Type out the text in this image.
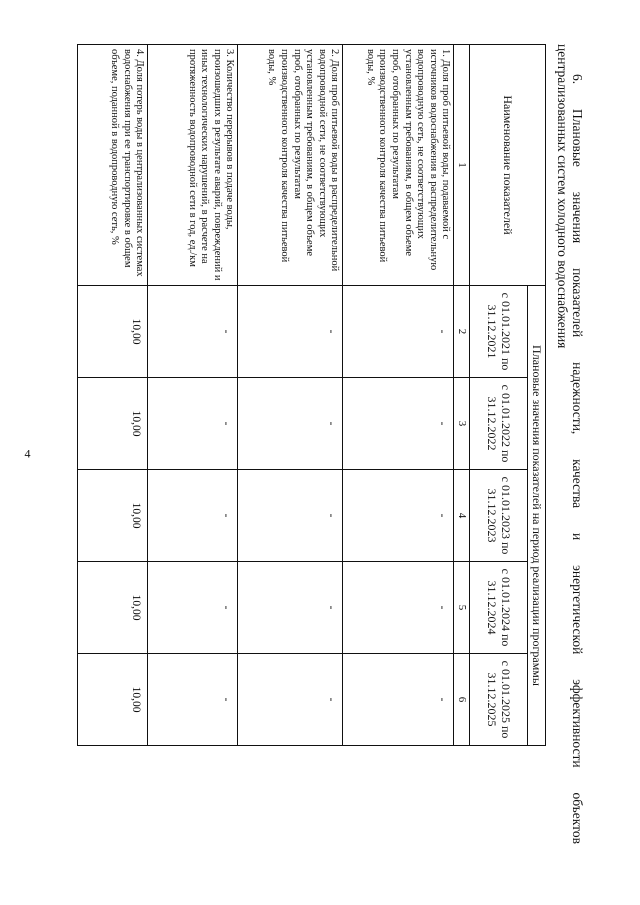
4	6. Плановые значения показателей надежности, качества и энергетической эффективности объектов
централизованных систем холодного водоснабжения
Наименование показателей	Плановые значения показателей на период реализации программы				
	с 01.01.2021 по 31.12.2021	с 01.01.2022 по 31.12.2022	с 01.01.2023 по 31.12.2023	с 01.01.2024 по 31.12.2024	с 01.01.2025 по 31.12.2025
1	2	3	4	5	6
1. Доля проб питьевой воды, подаваемой с источников водоснабжения в распределительную водопроводную сеть, не соответствующих установленным требованиям, в общем объеме проб, отобранных по результатам производственного контроля качества питьевой воды, %	-	-	-	-	-
2. Доля проб питьевой воды в распределительной водопроводной сети, не соответствующих установленным требованиям, в общем объеме проб, отобранных по результатам производственного контроля качества питьевой воды, %	-	-	-	-	-
3. Количество перерывов в подаче воды, произошедших в результате аварий, повреждений и иных технологических нарушений, в расчете на протяженность водопроводной сети в год, ед./км	-	-	-	-	-
4. Доля потерь воды в централизованных системах водоснабжения при ее транспортировке в общем объеме, поданной в водопроводную сеть, %	10,00	10,00	10,00	10,00	10,00
